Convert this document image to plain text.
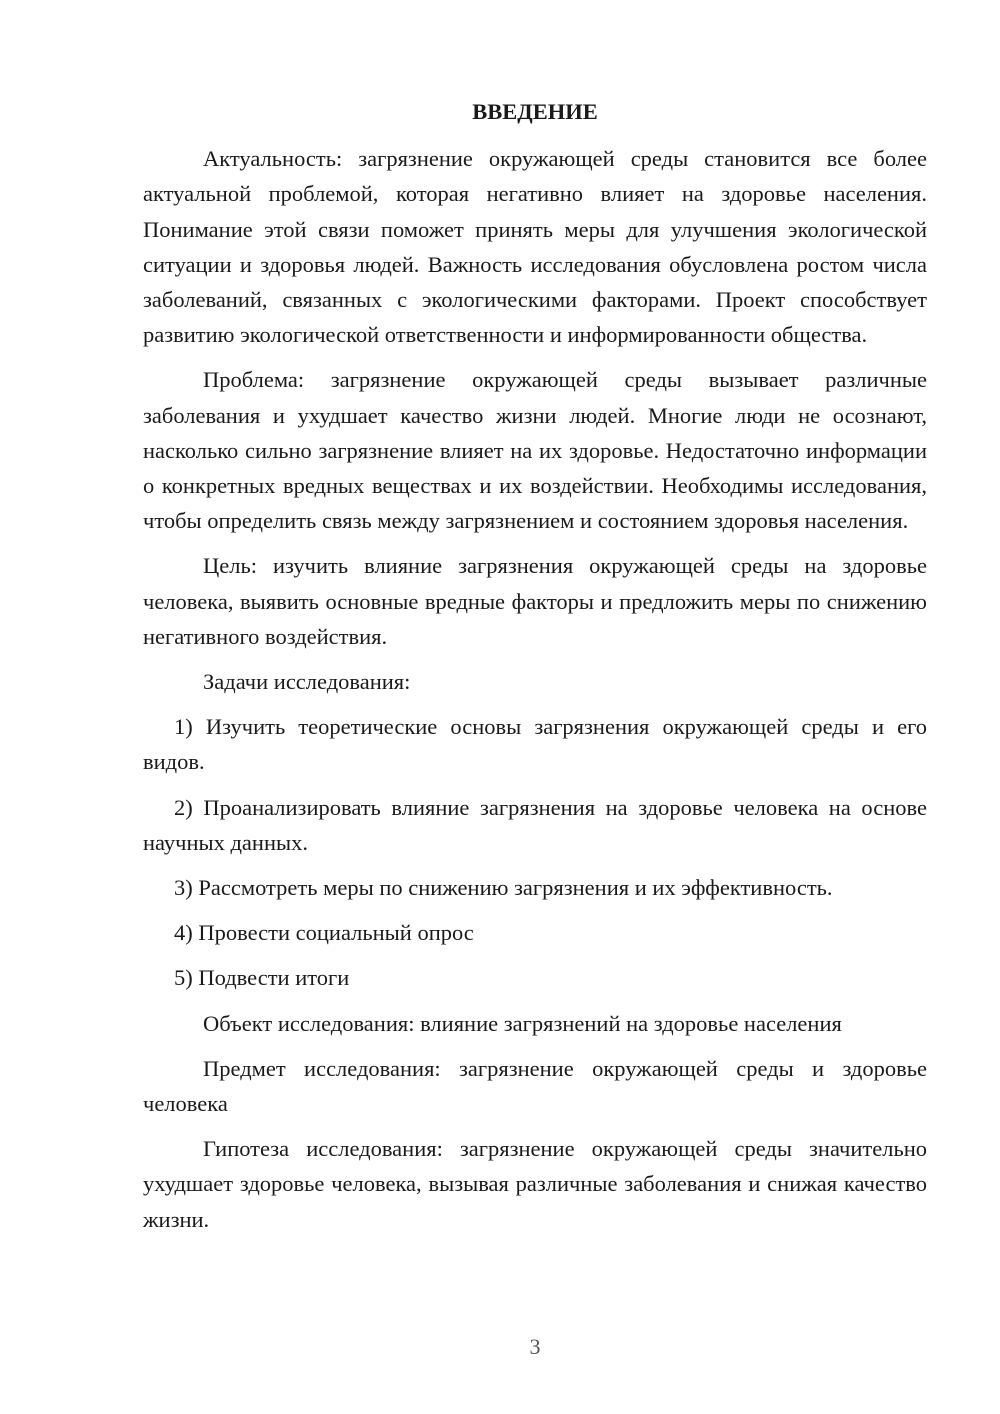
ВВЕДЕНИЕ

Актуальность: загрязнение окружающей среды становится все более актуальной проблемой, которая негативно влияет на здоровье населения. Понимание этой связи поможет принять меры для улучшения экологической ситуации и здоровья людей. Важность исследования обусловлена ростом числа заболеваний, связанных с экологическими факторами. Проект способствует развитию экологической ответственности и информированности общества.

Проблема: загрязнение окружающей среды вызывает различные заболевания и ухудшает качество жизни людей. Многие люди не осознают, насколько сильно загрязнение влияет на их здоровье. Недостаточно информации о конкретных вредных веществах и их воздействии. Необходимы исследования, чтобы определить связь между загрязнением и состоянием здоровья населения.

Цель: изучить влияние загрязнения окружающей среды на здоровье человека, выявить основные вредные факторы и предложить меры по снижению негативного воздействия.

Задачи исследования:

1) Изучить теоретические основы загрязнения окружающей среды и его видов.

2) Проанализировать влияние загрязнения на здоровье человека на основе научных данных.

3) Рассмотреть меры по снижению загрязнения и их эффективность.

4) Провести социальный опрос

5) Подвести итоги

Объект исследования: влияние загрязнений на здоровье населения

Предмет исследования: загрязнение окружающей среды и здоровье человека

Гипотеза исследования: загрязнение окружающей среды значительно ухудшает здоровье человека, вызывая различные заболевания и снижая качество жизни.

3
